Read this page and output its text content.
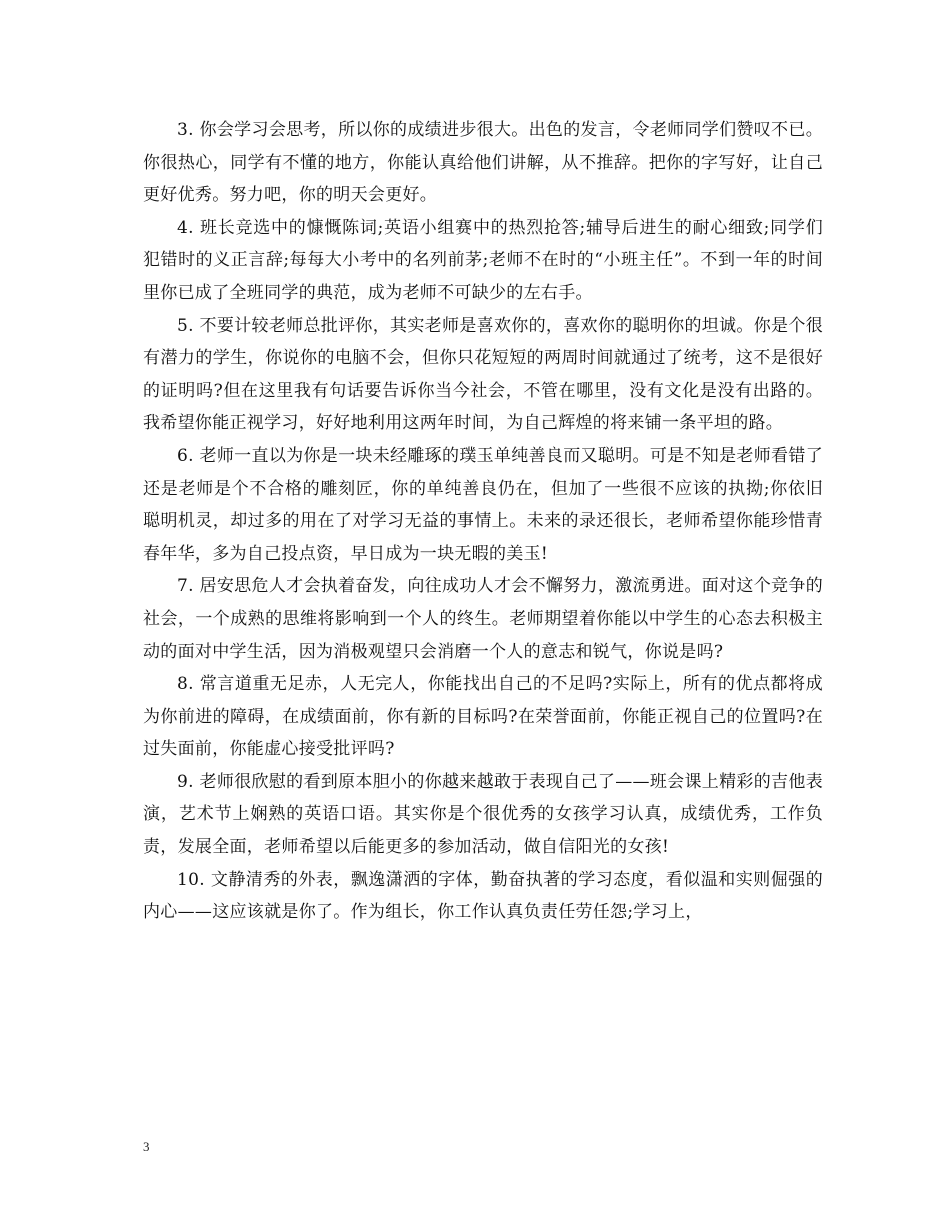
3. 你会学习会思考，所以你的成绩进步很大。出色的发言，令老师同学们赞叹不已。你很热心，同学有不懂的地方，你能认真给他们讲解，从不推辞。把你的字写好，让自己更好优秀。努力吧，你的明天会更好。

4. 班长竞选中的慷慨陈词;英语小组赛中的热烈抢答;辅导后进生的耐心细致;同学们犯错时的义正言辞;每每大小考中的名列前茅;老师不在时的“小班主任”。不到一年的时间里你已成了全班同学的典范，成为老师不可缺少的左右手。

5. 不要计较老师总批评你，其实老师是喜欢你的，喜欢你的聪明你的坦诚。你是个很有潜力的学生，你说你的电脑不会，但你只花短短的两周时间就通过了统考，这不是很好的证明吗?但在这里我有句话要告诉你当今社会，不管在哪里，没有文化是没有出路的。我希望你能正视学习，好好地利用这两年时间，为自己辉煌的将来铺一条平坦的路。

6. 老师一直以为你是一块未经雕琢的璞玉单纯善良而又聪明。可是不知是老师看错了还是老师是个不合格的雕刻匠，你的单纯善良仍在，但加了一些很不应该的执拗;你依旧聪明机灵，却过多的用在了对学习无益的事情上。未来的录还很长，老师希望你能珍惜青春年华，多为自己投点资，早日成为一块无暇的美玉!

7. 居安思危人才会执着奋发，向往成功人才会不懈努力，激流勇进。面对这个竞争的社会，一个成熟的思维将影响到一个人的终生。老师期望着你能以中学生的心态去积极主动的面对中学生活，因为消极观望只会消磨一个人的意志和锐气，你说是吗?

8. 常言道重无足赤，人无完人，你能找出自己的不足吗?实际上，所有的优点都将成为你前进的障碍，在成绩面前，你有新的目标吗?在荣誉面前，你能正视自己的位置吗?在过失面前，你能虚心接受批评吗?

9. 老师很欣慰的看到原本胆小的你越来越敢于表现自己了——班会课上精彩的吉他表演，艺术节上娴熟的英语口语。其实你是个很优秀的女孩学习认真，成绩优秀，工作负责，发展全面，老师希望以后能更多的参加活动，做自信阳光的女孩!

10. 文静清秀的外表，飘逸潇洒的字体，勤奋执著的学习态度，看似温和实则倔强的内心——这应该就是你了。作为组长，你工作认真负责任劳任怨;学习上，

3
